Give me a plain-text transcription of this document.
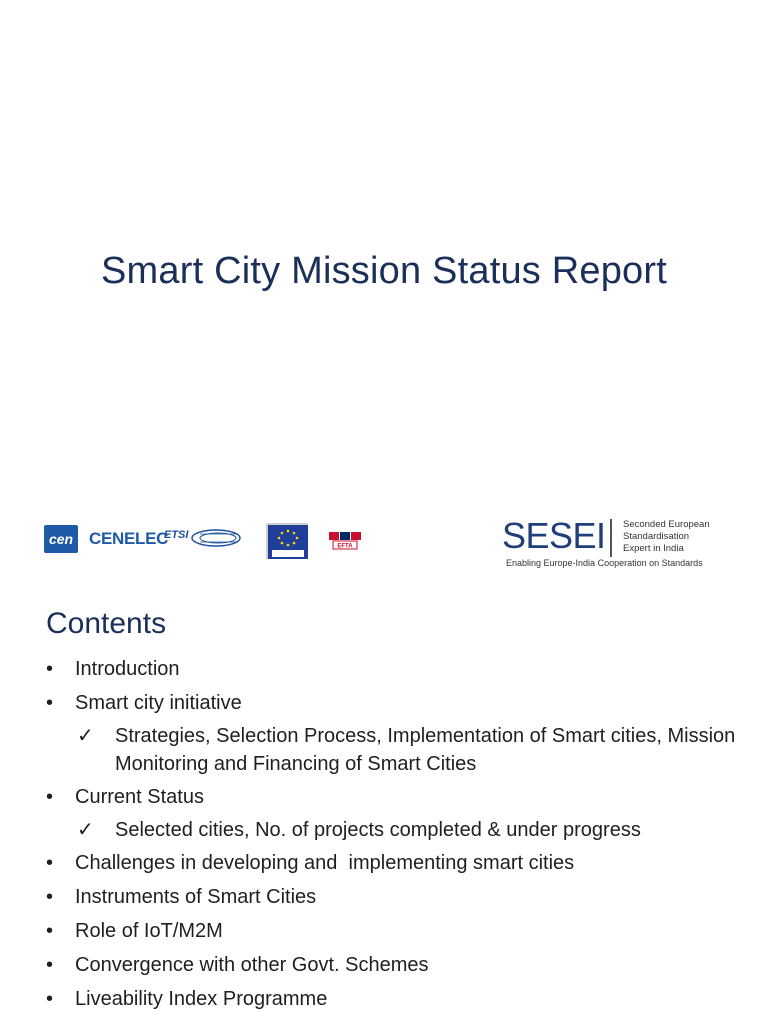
Smart City Mission Status Report
cen CENELEC
ETSI
EFTA	SESEI Seconded European
Standardisation
Expert in India
Enabling Europe-India Cooperation on Standards
Contents
• Introduction
• Smart city initiative
✓ Strategies, Selection Process, Implementation of Smart cities, Mission Monitoring and Financing of Smart Cities
• Current Status
✓ Selected cities, No. of projects completed & under progress
• Challenges in developing and  implementing smart cities
• Instruments of Smart Cities
• Role of IoT/M2M
• Convergence with other Govt. Schemes
• Liveability Index Programme
